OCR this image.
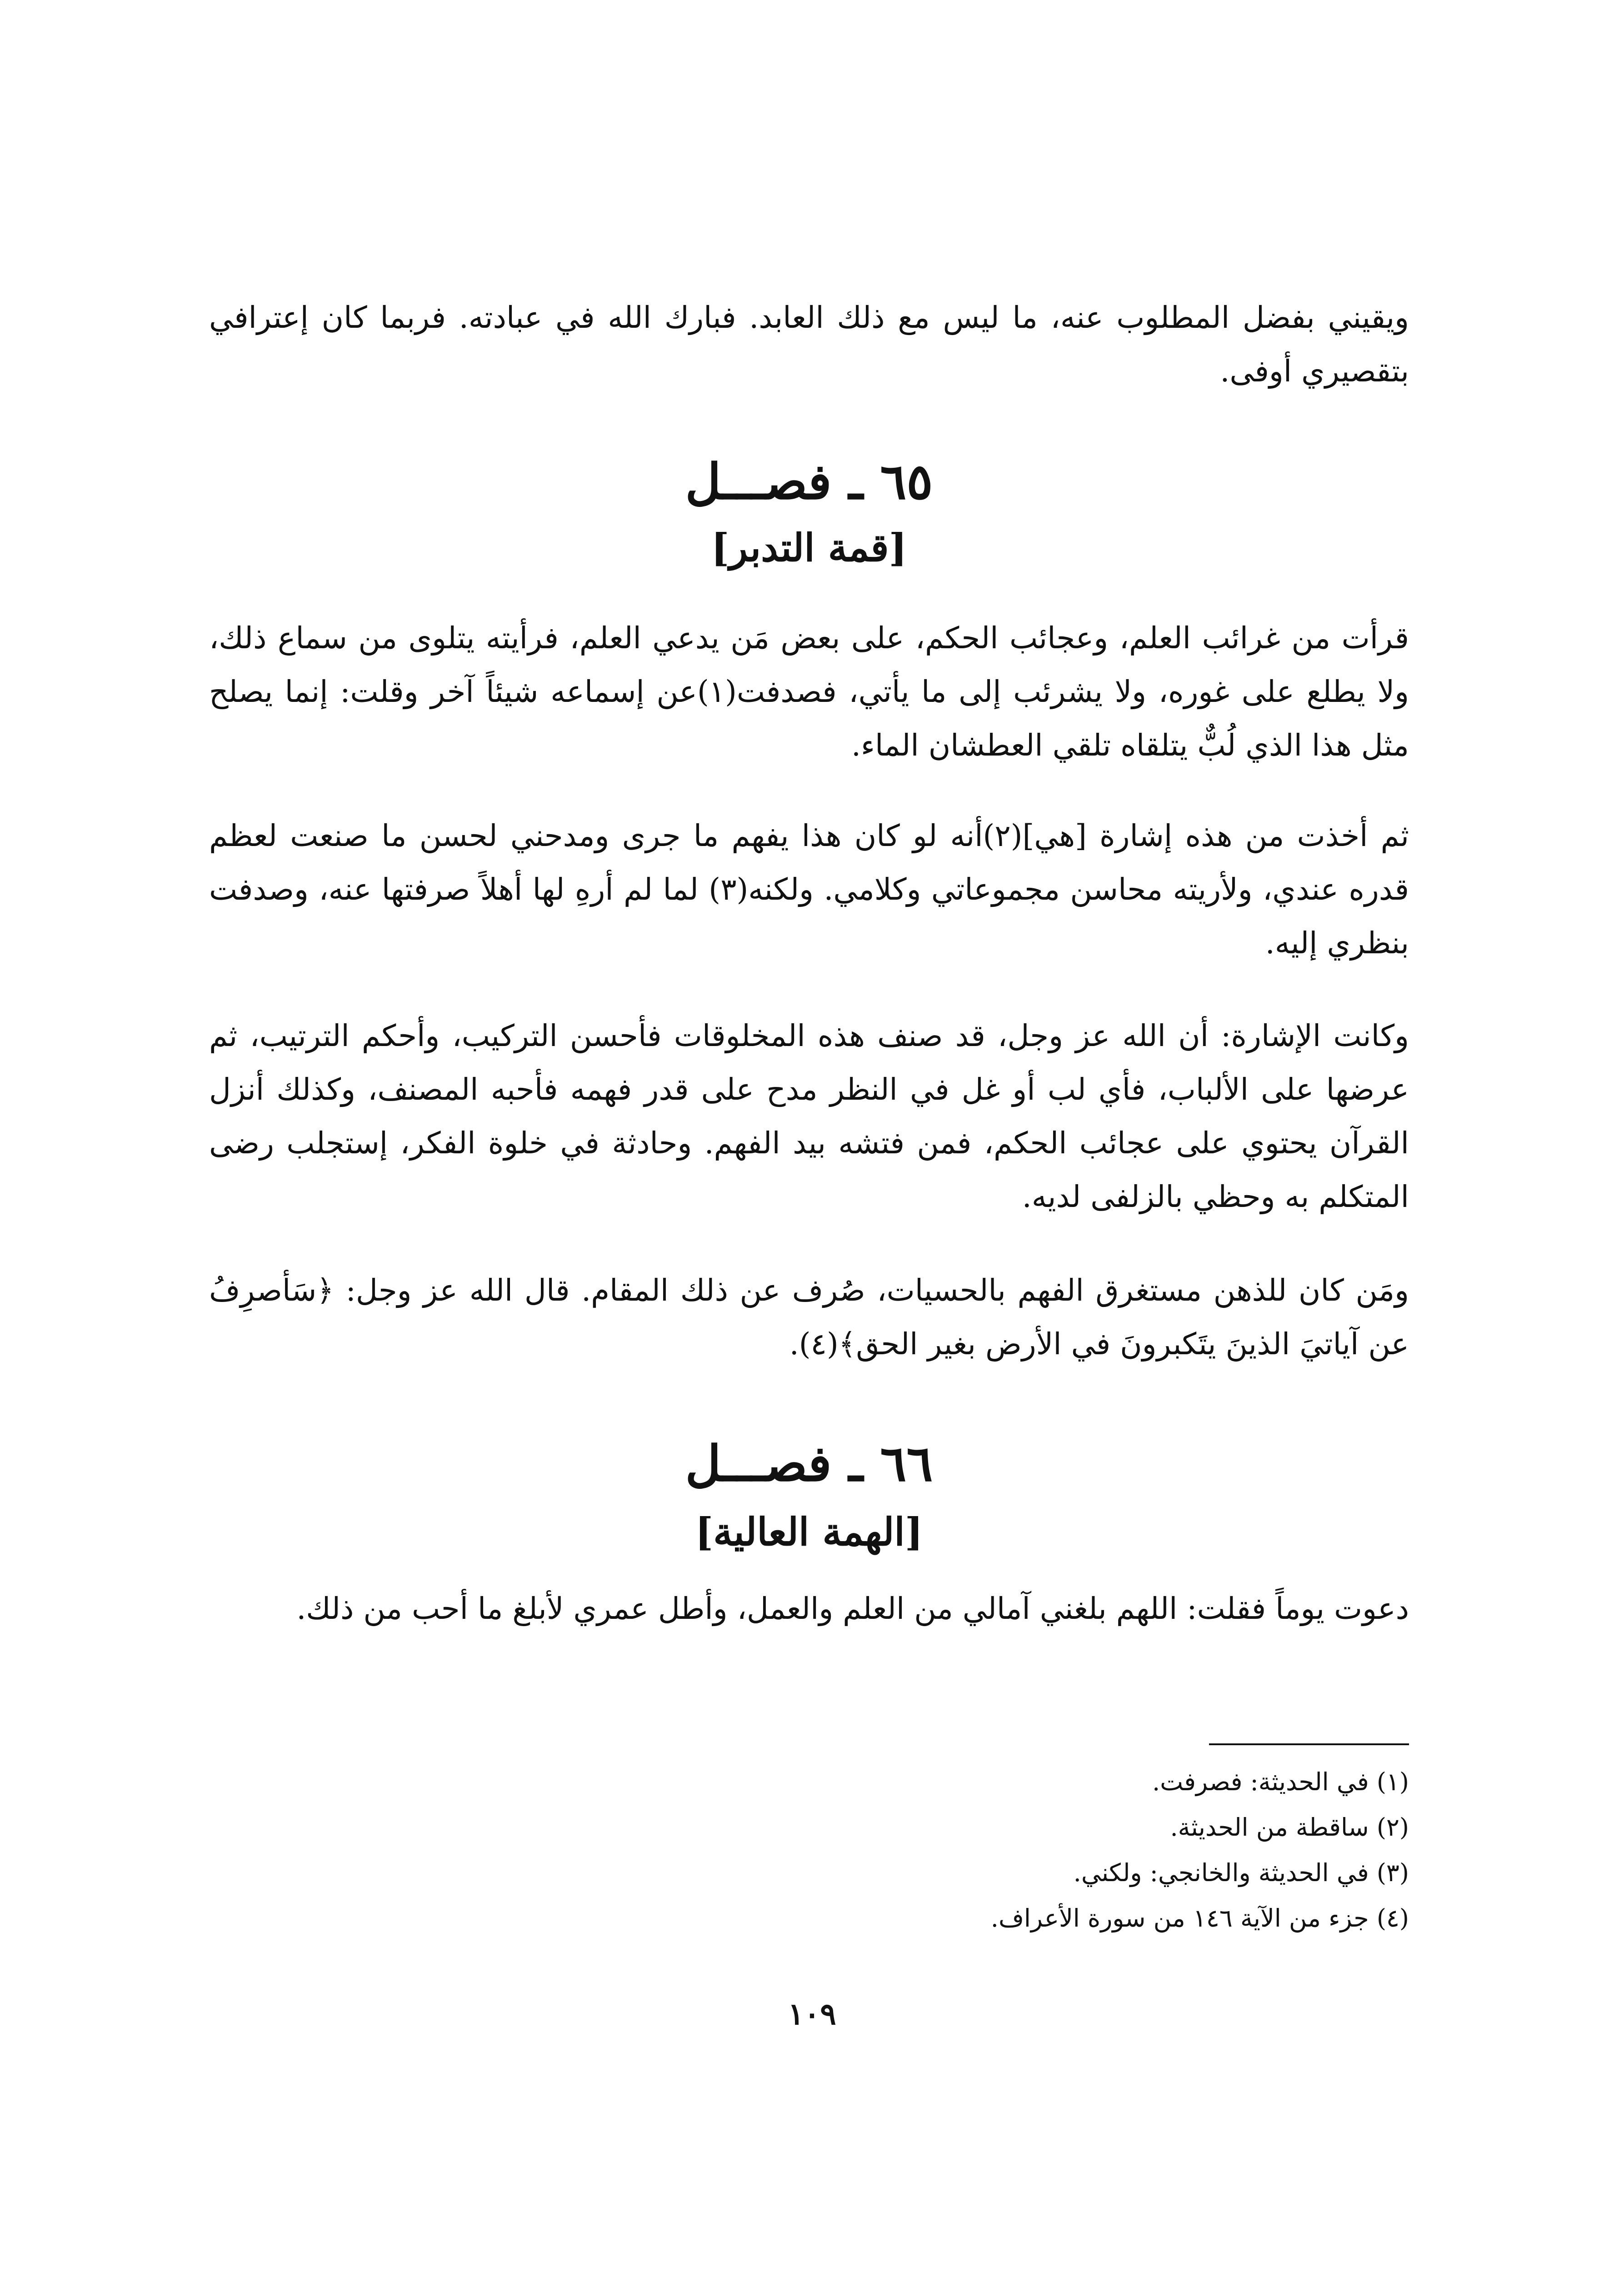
ويقيني بفضل المطلوب عنه، ما ليس مع ذلك العابد. فبارك الله في عبادته. فربما كان إعترافي بتقصيري أوفى.
٦٥ ـ فصـــل
[قمة التدبر]
قرأت من غرائب العلم، وعجائب الحكم، على بعض مَن يدعي العلم، فرأيته يتلوى من سماع ذلك، ولا يطلع على غوره، ولا يشرئب إلى ما يأتي، فصدفت(١)عن إسماعه شيئاً آخر وقلت: إنما يصلح مثل هذا الذي لُبٌّ يتلقاه تلقي العطشان الماء.
ثم أخذت من هذه إشارة [هي](٢)أنه لو كان هذا يفهم ما جرى ومدحني لحسن ما صنعت لعظم قدره عندي، ولأريته محاسن مجموعاتي وكلامي. ولكنه(٣) لما لم أرهِ لها أهلاً صرفتها عنه، وصدفت بنظري إليه.
وكانت الإشارة: أن الله عز وجل، قد صنف هذه المخلوقات فأحسن التركيب، وأحكم الترتيب، ثم عرضها على الألباب، فأي لب أو غل في النظر مدح على قدر فهمه فأحبه المصنف، وكذلك أنزل القرآن يحتوي على عجائب الحكم، فمن فتشه بيد الفهم. وحادثة في خلوة الفكر، إستجلب رضى المتكلم به وحظي بالزلفى لديه.
ومَن كان للذهن مستغرق الفهم بالحسيات، صُرف عن ذلك المقام. قال الله عز وجل: ﴿سَأصرِفُ عن آياتيَ الذينَ يتَكبرونَ في الأرض بغير الحق﴾(٤).
٦٦ ـ فصـــل
[الهمة العالية]
دعوت يوماً فقلت: اللهم بلغني آمالي من العلم والعمل، وأطل عمري لأبلغ ما أحب من ذلك.
(١) في الحديثة: فصرفت.
(٢) ساقطة من الحديثة.
(٣) في الحديثة والخانجي: ولكني.
(٤) جزء من الآية ١٤٦ من سورة الأعراف.
١٠٩
